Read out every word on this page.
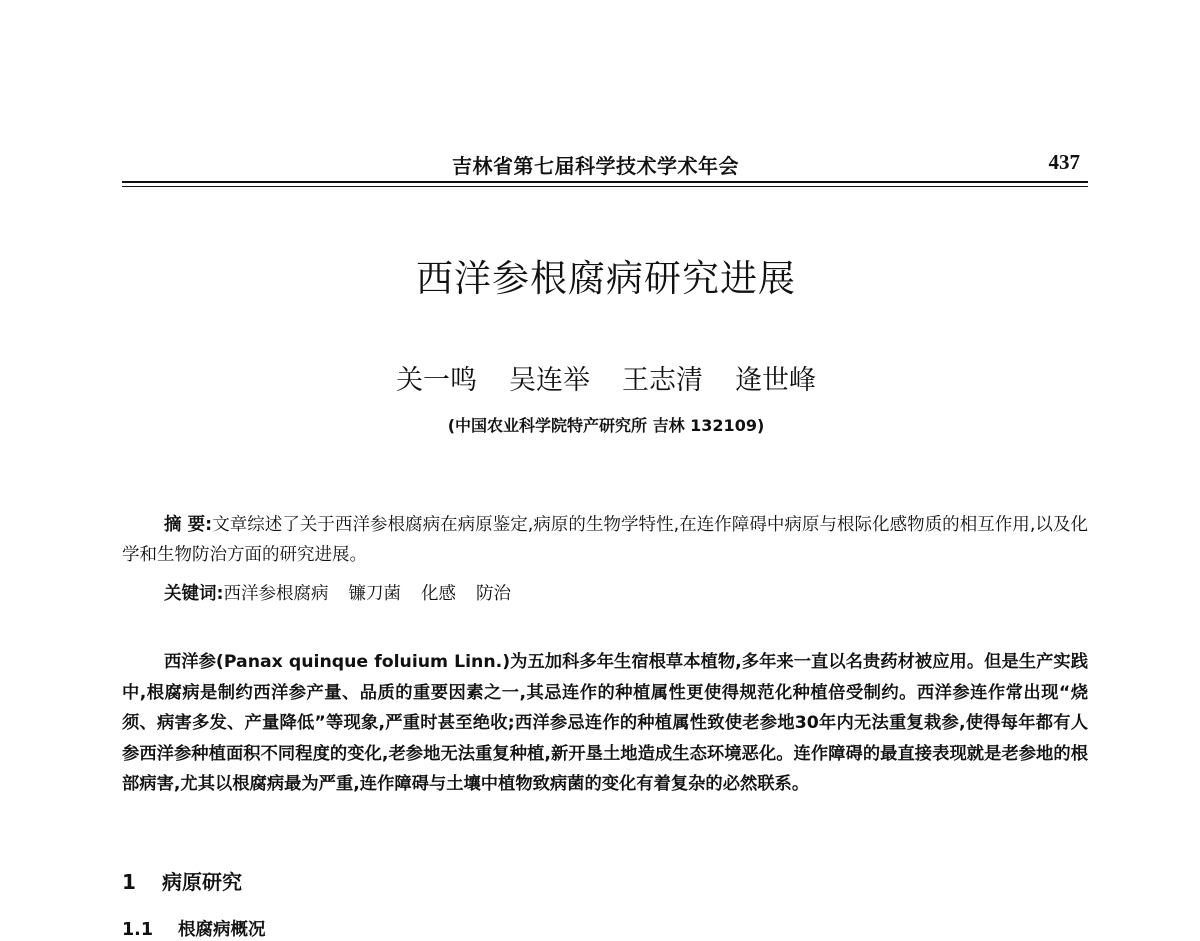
吉林省第七届科学技术学术年会	437
西洋参根腐病研究进展
关一鸣 吴连举 王志清 逄世峰
(中国农业科学院特产研究所 吉林 132109)

摘 要:文章综述了关于西洋参根腐病在病原鉴定,病原的生物学特性,在连作障碍中病原与根际化感物质的相互作用,以及化学和生物防治方面的研究进展。

关键词:西洋参根腐病 镰刀菌 化感 防治

西洋参(Panax quinque foluium Linn.)为五加科多年生宿根草本植物,多年来一直以名贵药材被应用。但是生产实践中,根腐病是制约西洋参产量、品质的重要因素之一,其忌连作的种植属性更使得规范化种植倍受制约。西洋参连作常出现“烧须、病害多发、产量降低”等现象,严重时甚至绝收;西洋参忌连作的种植属性致使老参地30年内无法重复栽参,使得每年都有人参西洋参种植面积不同程度的变化,老参地无法重复种植,新开垦土地造成生态环境恶化。连作障碍的最直接表现就是老参地的根部病害,尤其以根腐病最为严重,连作障碍与土壤中植物致病菌的变化有着复杂的必然联系。

1 病原研究
1.1 根腐病概况
